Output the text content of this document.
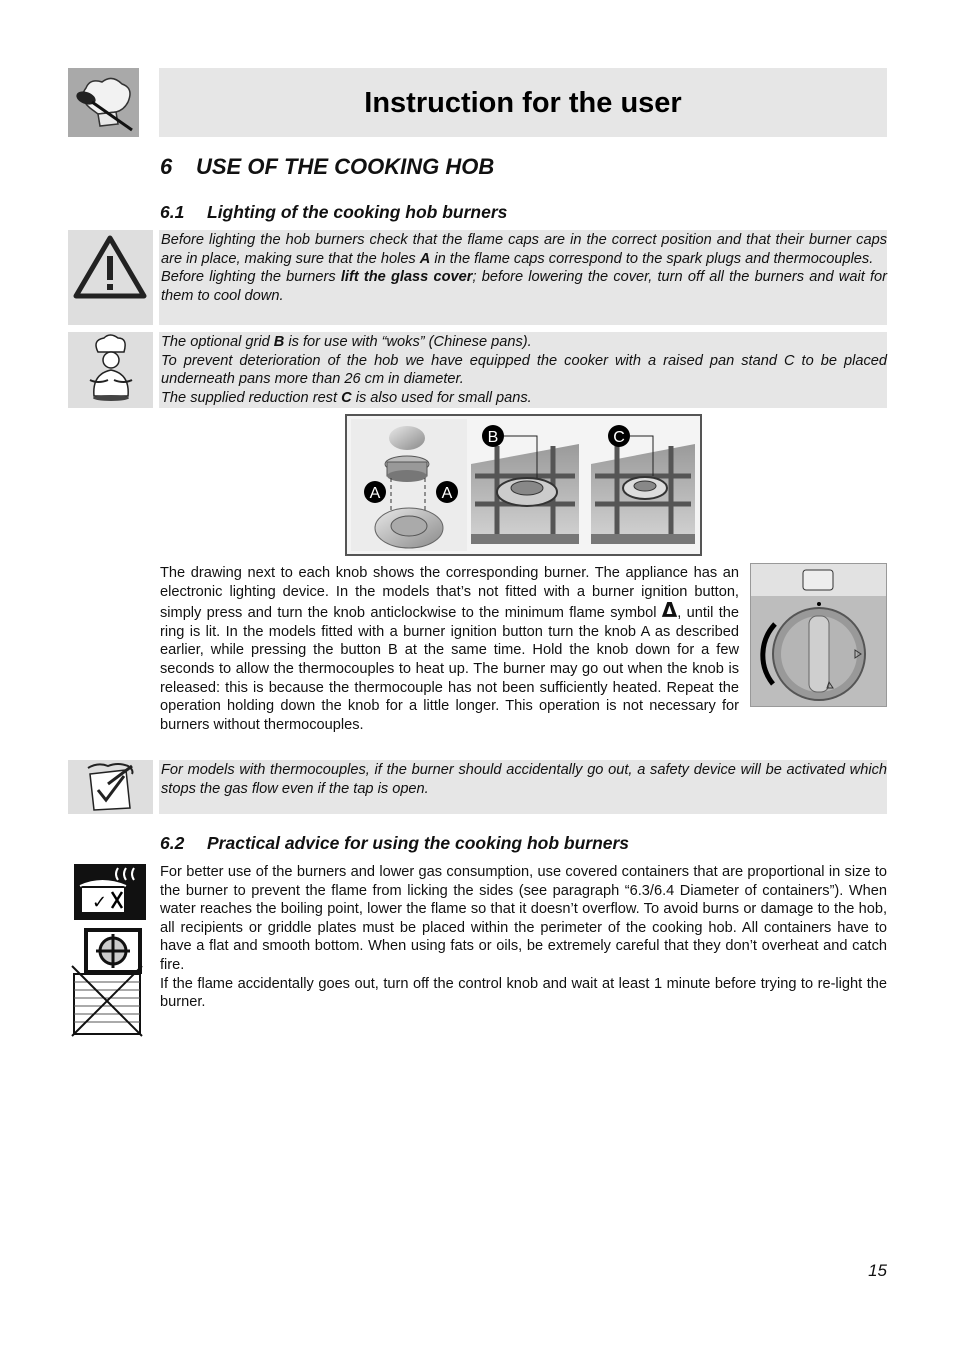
Instruction for the user
6 USE OF THE COOKING HOB
6.1 Lighting of the cooking hob burners

Before lighting the hob burners check that the flame caps are in the correct position and that their burner caps are in place, making sure that the holes A in the flame caps correspond to the spark plugs and thermocouples.

Before lighting the burners lift the glass cover; before lowering the cover, turn off all the burners and wait for them to cool down.

The optional grid B is for use with “woks” (Chinese pans).

To prevent deterioration of the hob we have equipped the cooker with a raised pan stand C to be placed underneath pans more than 26 cm in diameter.

The supplied reduction rest C is also used for small pans.

A	A
B	C
The drawing next to each knob shows the corresponding burner. The appliance has an electronic lighting device. In the models that’s not fitted with a burner ignition button, simply press and turn the knob anticlockwise to the minimum flame symbol Δ, until the ring is lit. In the models fitted with a burner ignition button turn the knob A as described earlier, while pressing the button B at the same time. Hold the knob down for a few seconds to allow the thermocouples to heat up. The burner may go out when the knob is released: this is because the thermocouple has not been sufficiently heated. Repeat the operation holding down the knob for a little longer. This operation is not necessary for burners without thermocouples.
For models with thermocouples, if the burner should accidentally go out, a safety device will be activated which stops the gas flow even if the tap is open.
6.2 Practical advice for using the cooking hob burners
✓

For better use of the burners and lower gas consumption, use covered containers that are proportional in size to the burner to prevent the flame from licking the sides (see paragraph “6.3/6.4 Diameter of containers”). When water reaches the boiling point, lower the flame so that it doesn’t overflow. To avoid burns or damage to the hob, all recipients or griddle plates must be placed within the perimeter of the cooking hob. All containers have to have a flat and smooth bottom. When using fats or oils, be extremely careful that they don’t overheat and catch fire.

If the flame accidentally goes out, turn off the control knob and wait at least 1 minute before trying to re-light the burner.

15
